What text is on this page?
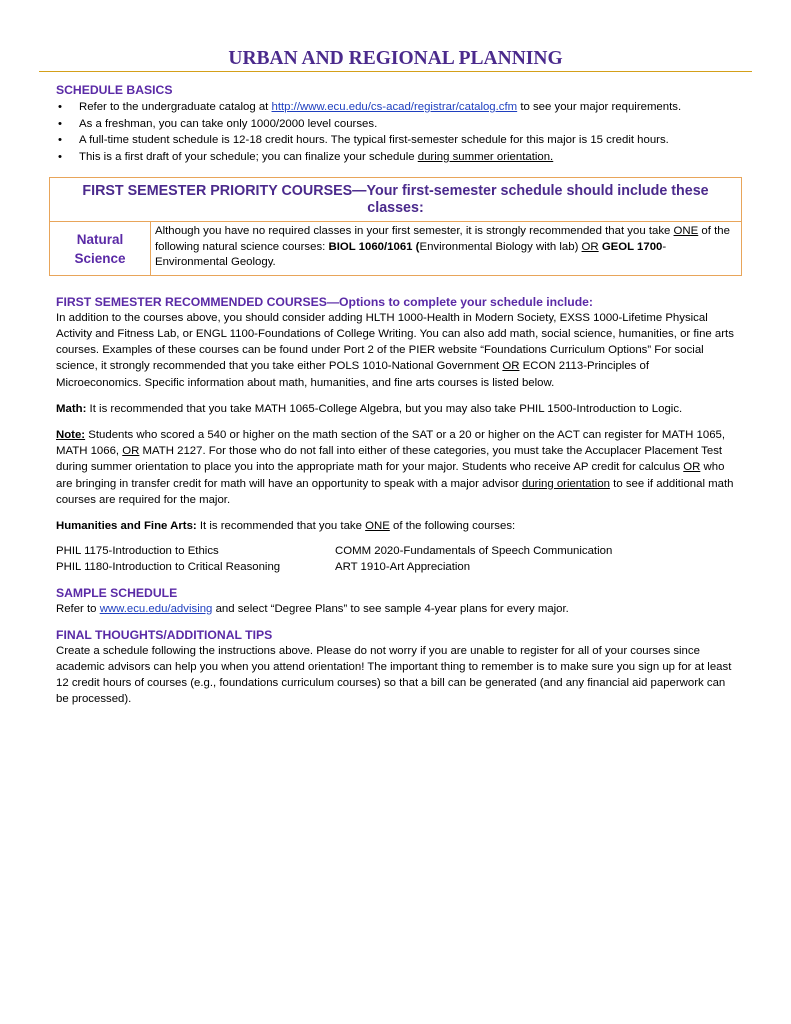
URBAN AND REGIONAL PLANNING
SCHEDULE BASICS
• Refer to the undergraduate catalog at http://www.ecu.edu/cs-acad/registrar/catalog.cfm to see your major requirements.
• As a freshman, you can take only 1000/2000 level courses.
• A full-time student schedule is 12-18 credit hours. The typical first-semester schedule for this major is 15 credit hours.
• This is a first draft of your schedule; you can finalize your schedule during summer orientation.
FIRST SEMESTER PRIORITY COURSES—Your first-semester schedule should include these classes:
Natural
Science
Although you have no required classes in your first semester, it is strongly recommended that you take ONE of the following natural science courses: BIOL 1060/1061 (Environmental Biology with lab) OR GEOL 1700-Environmental Geology.
FIRST SEMESTER RECOMMENDED COURSES—Options to complete your schedule include:

In addition to the courses above, you should consider adding HLTH 1000-Health in Modern Society, EXSS 1000-Lifetime Physical Activity and Fitness Lab, or ENGL 1100-Foundations of College Writing. You can also add math, social science, humanities, or fine arts courses. Examples of these courses can be found under Port 2 of the PIER website “Foundations Curriculum Options” For social science, it strongly recommended that you take either POLS 1010-National Government OR ECON 2113-Principles of Microeconomics. Specific information about math, humanities, and fine arts courses is listed below.

Math: It is recommended that you take MATH 1065-College Algebra, but you may also take PHIL 1500-Introduction to Logic.

Note: Students who scored a 540 or higher on the math section of the SAT or a 20 or higher on the ACT can register for MATH 1065, MATH 1066, OR MATH 2127. For those who do not fall into either of these categories, you must take the Accuplacer Placement Test during summer orientation to place you into the appropriate math for your major. Students who receive AP credit for calculus OR who are bringing in transfer credit for math will have an opportunity to speak with a major advisor during orientation to see if additional math courses are required for the major.

Humanities and Fine Arts: It is recommended that you take ONE of the following courses:

PHIL 1175-Introduction to Ethics
PHIL 1180-Introduction to Critical Reasoning
COMM 2020-Fundamentals of Speech Communication
ART 1910-Art Appreciation
SAMPLE SCHEDULE

Refer to www.ecu.edu/advising and select “Degree Plans” to see sample 4-year plans for every major.

FINAL THOUGHTS/ADDITIONAL TIPS

Create a schedule following the instructions above. Please do not worry if you are unable to register for all of your courses since academic advisors can help you when you attend orientation! The important thing to remember is to make sure you sign up for at least 12 credit hours of courses (e.g., foundations curriculum courses) so that a bill can be generated (and any financial aid paperwork can be processed).
